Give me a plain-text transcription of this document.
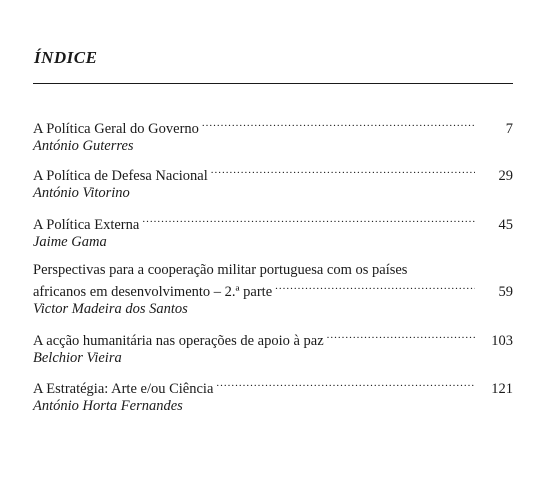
ÍNDICE
A Política Geral do Governo .....	7
António Guterres
A Política de Defesa Nacional .....	29
António Vitorino
A Política Externa .....	45
Jaime Gama
Perspectivas para a cooperação militar portuguesa com os países
africanos em desenvolvimento – 2.ª parte .....	59
Victor Madeira dos Santos
A acção humanitária nas operações de apoio à paz .....	103
Belchior Vieira
A Estratégia: Arte e/ou Ciência .....	121
António Horta Fernandes
